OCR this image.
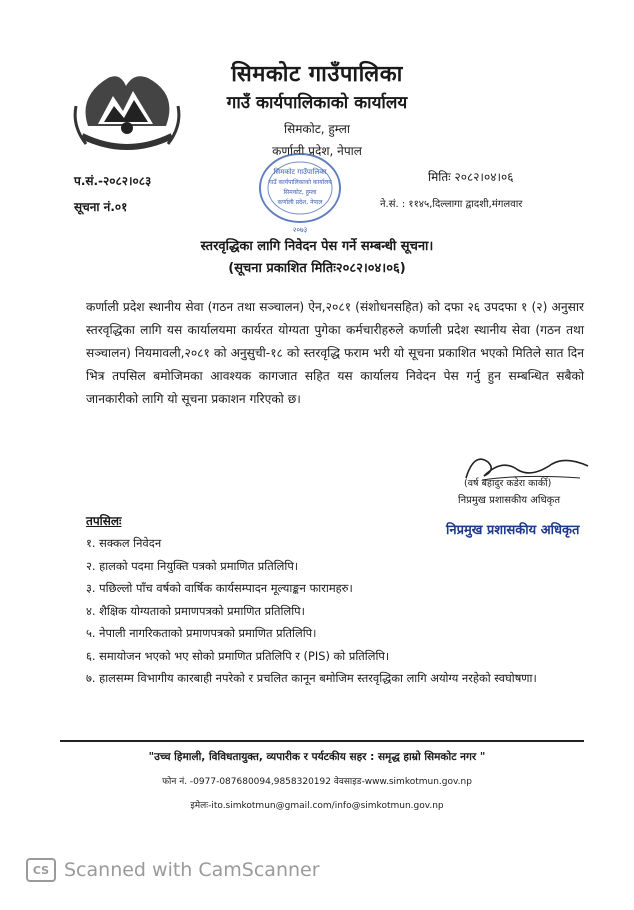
सिमकोट गाउँपालिका
गाउँ कार्यपालिकाको कार्यालय
सिमकोट, हुम्ला
कर्णाली प्रदेश, नेपाल
सिमकोट गाउँपालिका
गाउँ कार्यपालिकाको कार्यालय
सिमकोट, हुम्ला
कर्णाली प्रदेश, नेपाल
२०७३
प.सं.-२०८२।०८३
सूचना नं.०१
मितिः २०८२।०४।०६
ने.सं. : ११४५,दिल्लागा द्वादशी,मंगलवार
स्तरवृद्धिका लागि निवेदन पेस गर्ने सम्बन्धी सूचना।
(सूचना प्रकाशित मितिः२०८२।०४।०६)
कर्णाली प्रदेश स्थानीय सेवा (गठन तथा सञ्चालन) ऐन,२०८१ (संशोधनसहित) को दफा २६ उपदफा १ (२) अनुसार स्तरवृद्धिका लागि यस कार्यालयमा कार्यरत योग्यता पुगेका कर्मचारीहरुले कर्णाली प्रदेश स्थानीय सेवा (गठन तथा सञ्चालन) नियमावली,२०८१ को अनुसुची-१८ को स्तरवृद्धि फराम भरी यो सूचना प्रकाशित भएको मितिले सात दिन भित्र तपसिल बमोजिमका आवश्यक कागजात सहित यस कार्यालय निवेदन पेस गर्नु हुन सम्बन्धित सबैको जानकारीको लागि यो सूचना प्रकाशन गरिएको छ।
(वर्ष बहादुर कडेरा कार्की)
निप्रमुख प्रशासकीय अधिकृत
निप्रमुख प्रशासकीय अधिकृत
तपसिलः
१. सक्कल निवेदन
२. हालको पदमा नियुक्ति पत्रको प्रमाणित प्रतिलिपि।
३. पछिल्लो पाँच वर्षको वार्षिक कार्यसम्पादन मूल्याङ्कन फारामहरु।
४. शैक्षिक योग्यताको प्रमाणपत्रको प्रमाणित प्रतिलिपि।
५. नेपाली नागरिकताको प्रमाणपत्रको प्रमाणित प्रतिलिपि।
६. समायोजन भएको भए सोको प्रमाणित प्रतिलिपि र (PIS) को प्रतिलिपि।
७. हालसम्म विभागीय कारबाही नपरेको र प्रचलित कानून बमोजिम स्तरवृद्धिका लागि अयोग्य नरहेको स्वघोषणा।
"उच्च हिमाली, विविधतायुक्त, व्यपारीक र पर्यटकीय सहर : समृद्ध हाम्रो सिमकोट नगर "
फोन नं. -0977-087680094,9858320192 वेवसाइड-www.simkotmun.gov.np
इमेलः-ito.simkotmun@gmail.com/info@simkotmun.gov.np
CS Scanned with CamScanner
